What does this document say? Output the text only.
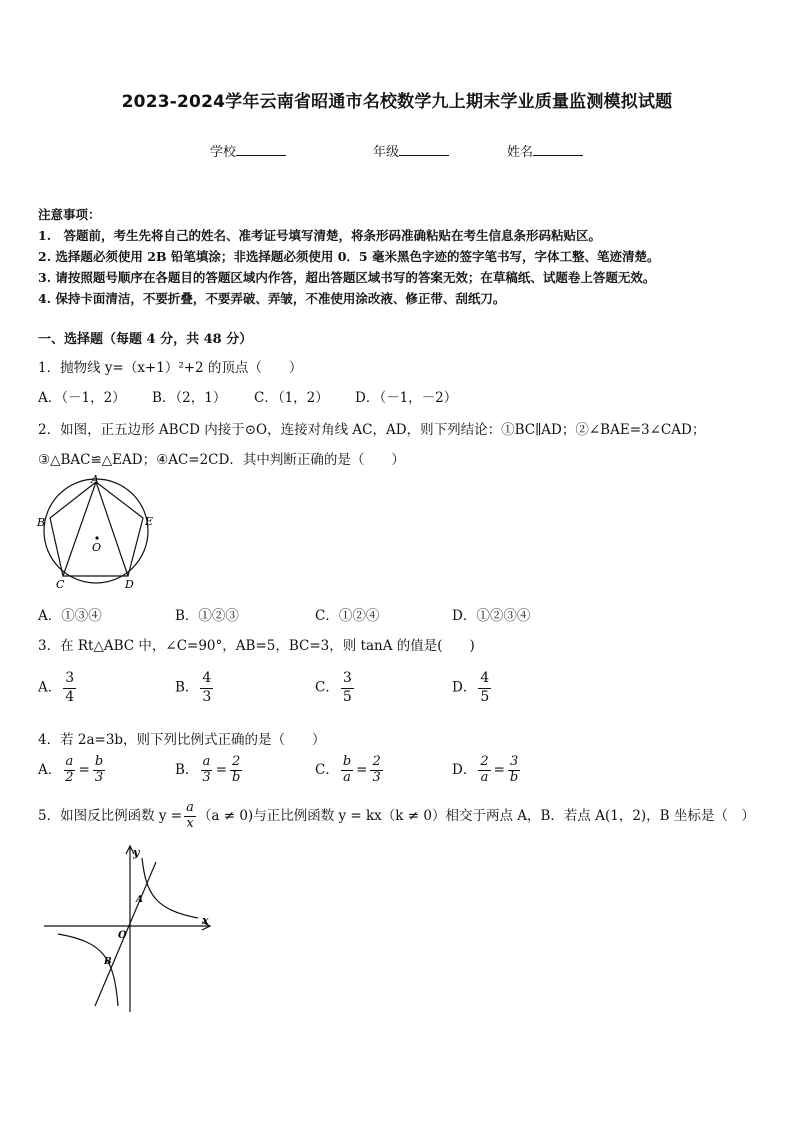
2023-2024学年云南省昭通市名校数学九上期末学业质量监测模拟试题
学校	年级	姓名
注意事项：
1.　答题前，考生先将自己的姓名、准考证号填写清楚，将条形码准确粘贴在考生信息条形码粘贴区。
2. 选择题必须使用 2B 铅笔填涂；非选择题必须使用 0．5 毫米黑色字迹的签字笔书写，字体工整、笔迹清楚。
3. 请按照题号顺序在各题目的答题区域内作答，超出答题区域书写的答案无效；在草稿纸、试题卷上答题无效。
4. 保持卡面清洁，不要折叠，不要弄破、弄皱，不准使用涂改液、修正带、刮纸刀。
一、选择题（每题 4 分，共 48 分）
1．抛物线 y=（x+1）²+2 的顶点（　　）
A．（－1，2） B．（2，1） C．（1，2） D．（－1，－2）
2．如图，正五边形 ABCD 内接于⊙O，连接对角线 AC，AD，则下列结论：①BC∥AD；②∠BAE=3∠CAD；
③△BAC≌△EAD；④AC=2CD．其中判断正确的是（　　）
A
B	E
C	D
O
A．①③④	B．①②③	C．①②④	D．①②③④
3．在 Rt△ABC 中，∠C=90°，AB=5，BC=3，则 tanA 的值是(　　)
A． $\frac{3}{4}$	B． $\frac{4}{3}$	C． $\frac{3}{5}$	D． $\frac{4}{5}$
4．若 2a=3b，则下列比例式正确的是（　　）
A． $\frac{a}{2} = \frac{b}{3}$	B． $\frac{a}{3} = \frac{2}{b}$	C． $\frac{b}{a} = \frac{2}{3}$	D． $\frac{2}{a} = \frac{3}{b}$
5．如图反比例函数 $y = \frac{a}{x} (a \ne 0)$与正比例函数 y = kx（k ≠ 0）相交于两点 A，B．若点 A(1，2)，B 坐标是（　）
y
x
O
A
B
